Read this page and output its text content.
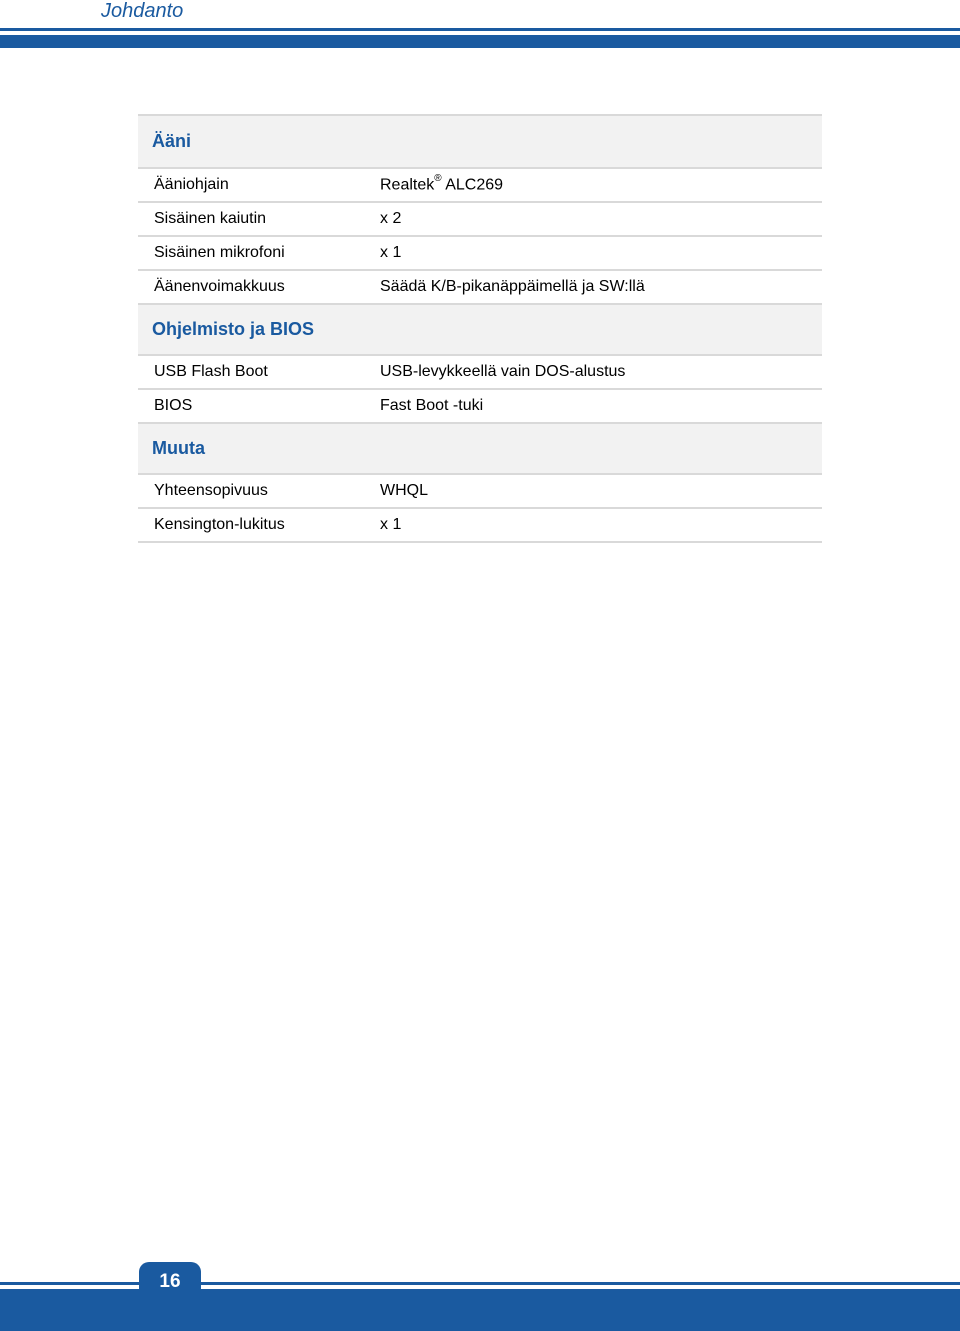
Johdanto
Ääni
Ääniohjain	Realtek® ALC269
Sisäinen kaiutin	x 2
Sisäinen mikrofoni	x 1
Äänenvoimakkuus	Säädä K/B-pikanäppäimellä ja SW:llä
Ohjelmisto ja BIOS
USB Flash Boot	USB-levykkeellä vain DOS-alustus
BIOS	Fast Boot -tuki
Muuta
Yhteensopivuus	WHQL
Kensington-lukitus	x 1
16
